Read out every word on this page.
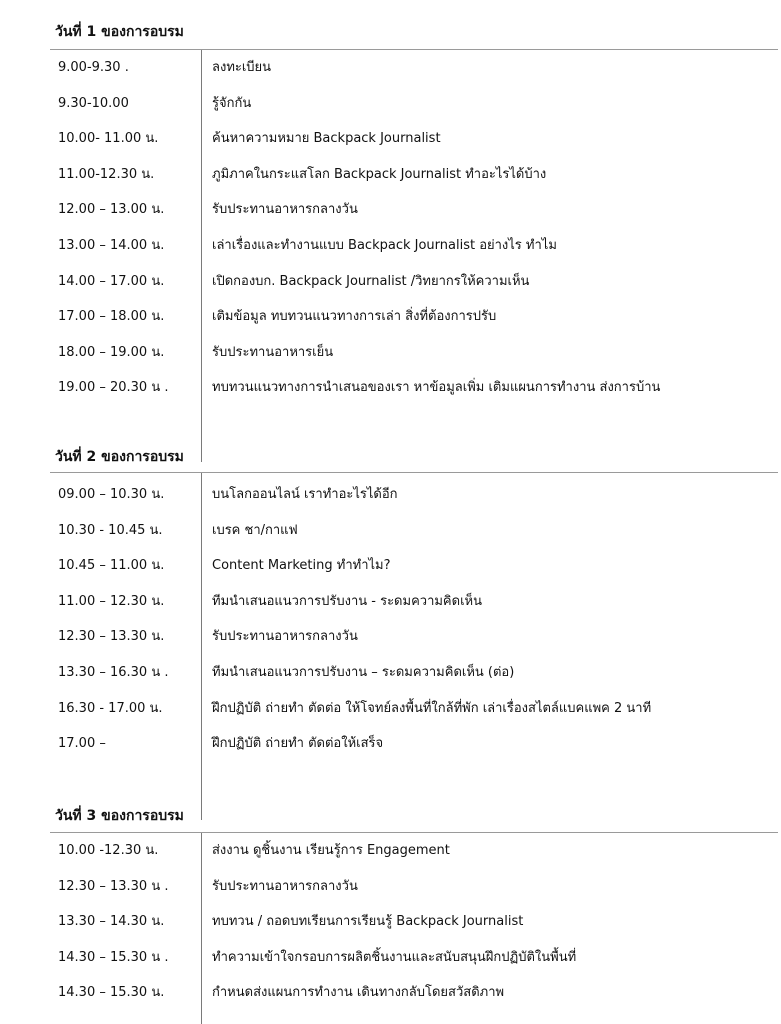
วันที่ 1 ของการอบรม
9.00-9.30 .	ลงทะเบียน
9.30-10.00	รู้จักกัน
10.00- 11.00 น.	ค้นหาความหมาย Backpack Journalist
11.00-12.30 น.	ภูมิภาคในกระแสโลก Backpack Journalist ทำอะไรได้บ้าง
12.00 – 13.00 น.	รับประทานอาหารกลางวัน
13.00 – 14.00 น.	เล่าเรื่องและทำงานแบบ Backpack Journalist อย่างไร ทำไม
14.00 – 17.00 น.	เปิดกองบก. Backpack Journalist /วิทยากรให้ความเห็น
17.00 – 18.00 น.	เติมข้อมูล ทบทวนแนวทางการเล่า สิ่งที่ต้องการปรับ
18.00 – 19.00 น.	รับประทานอาหารเย็น
19.00 – 20.30 น .	ทบทวนแนวทางการนำเสนอของเรา หาข้อมูลเพิ่ม เติมแผนการทำงาน ส่งการบ้าน
วันที่ 2 ของการอบรม
09.00 – 10.30 น.	บนโลกออนไลน์ เราทำอะไรได้อีก
10.30 - 10.45 น.	เบรค ชา/กาแฟ
10.45 – 11.00 น.	Content Marketing ทำทำไม?
11.00 – 12.30 น.	ทีมนำเสนอแนวการปรับงาน - ระดมความคิดเห็น
12.30 – 13.30 น.	รับประทานอาหารกลางวัน
13.30 – 16.30 น .	ทีมนำเสนอแนวการปรับงาน – ระดมความคิดเห็น (ต่อ)
16.30 - 17.00 น.	ฝึกปฏิบัติ ถ่ายทำ ตัดต่อ ให้โจทย์ลงพื้นที่ใกล้ที่พัก เล่าเรื่องสไตล์แบคแพค 2 นาที
17.00 –	ฝึกปฏิบัติ ถ่ายทำ ตัดต่อให้เสร็จ
วันที่ 3 ของการอบรม
10.00 -12.30 น.	ส่งงาน ดูชิ้นงาน เรียนรู้การ Engagement
12.30 – 13.30 น .	รับประทานอาหารกลางวัน
13.30 – 14.30 น.	ทบทวน / ถอดบทเรียนการเรียนรู้ Backpack Journalist
14.30 – 15.30 น .	ทำความเข้าใจกรอบการผลิตชิ้นงานและสนับสนุนฝึกปฏิบัติในพื้นที่
14.30 – 15.30 น.	กำหนดส่งแผนการทำงาน เดินทางกลับโดยสวัสดิภาพ
